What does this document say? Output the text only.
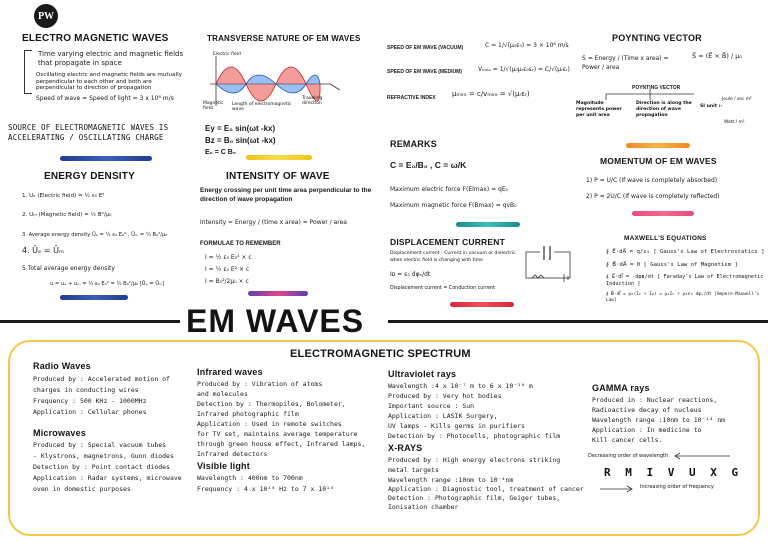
PW
ELECTRO MAGNETIC WAVES
Time varying electric and magnetic fields that propagate in space
Oscillating electric and magnetic fields are mutually perpendicular to each other and both are perpendicular to direction of propagation
Speed of wave = Speed of light = 3 x 10⁸ m/s
SOURCE OF ELECTROMAGNETIC WAVES IS ACCELERATING / OSCILLATING CHARGE
TRANSVERSE NATURE OF EM WAVES
Electric field
Magnetic field
Length of electromagnetic wave
Traveling direction
Ey = E₀ sin(ωt -kx)
Bz = B₀ sin(ωt -kx)
E₀ = C B₀
SPEED OF EM WAVE (VACUUM)	C = 1/√(μ₀ε₀) = 3 × 10⁸ m/s
SPEED OF EM WAVE (MEDIUM)	Vₘₑₔ = 1/√(μ₀μᵣε₀εᵣ) = C/√(μᵣεᵣ)
REFRACTIVE INDEX μₘₑₔ = c/vₘₑₔ = √(μᵣεᵣ)
POYNTING VECTOR
S = Energy / (Time x area) = Power / area
S⃗ = (E⃗ × B⃗) / μ₀
POYNTING VECTOR
Magnitude represents power per unit area
Direction is along the direction of wave propagation
SI unit :-
Joule / sec m²
Watt / m²
ENERGY DENSITY
1. Uₑ (Electric field) = ½ ε₀ E²
2. Uₘ (Magnetic field) = ½ B²/μ₀
3. Average energy density Ūₑ = ¼ ε₀ E₀² , Ūₘ = ¼ B₀²/μ₀
4. Ūₑ = Ūₘ
5 Total average energy density
u = uₑ + uₘ = ½ ε₀ E₀² = ½ B₀²/μ₀ [Ūₑ = Ūₘ]
INTENSITY OF WAVE
Energy crossing per unit time area perpendicular to the direction of wave propagation
Intensity = Energy / (time x area) = Power / area
FORMULAE TO REMEMBER
I = ½ ε₀ E₀² × c
I = ½ ε₀ E² × c
I = B₀²/2μ₀ × c
REMARKS
C = E₀/B₀ , C = ω/K
Maximum electric force F(Elmax) = qE₀
Maximum magnetic force F(Bmax) = qvB₀
DISPLACEMENT CURRENT
Displacement current - Current in vacuum or dielectric when electric field is changing with time
Iᴅ = ε₀ dφₑ/dt
Displacement current = Conduction current
MOMENTUM OF EM WAVES
1) P = U/C (If wave is completely absorbed)
2) P = 2U/C (If wave is completely reflected)
MAXWELL'S EQUATIONS
∮ E⃗·dA⃗ = q/ε₀ [ Gauss's Law of Electrostatics ]
∮ B⃗·dA⃗ = 0 [ Gauss's Law of Magnetism ]
∮ E⃗·dl⃗ = -dφʙ/dt [ Faraday's Law of Electromagnetic Induction ]
∮ B⃗·dl⃗ = μ₀(Iᴄ + Iᴅ) = μ₀Iᴄ + μ₀ε₀ dφₑ/dt [Ampere-Maxwell's Law]
EM WAVES
ELECTROMAGNETIC SPECTRUM
Radio Waves
Produced by : Accelerated motion of
charges in conducting wires
Frequency : 500 KHz - 1000MHz
Application : Cellular phones
Microwaves
Produced by : Special vacuum tubes
- Klystrons, magnetrons, Gunn diodes
Detection by : Point contact diodes
Application : Radar systems, microwave
oven in domestic purposes
Infrared waves
Produced by : Vibration of atoms
and molecules
Detection by : Thermopiles, Bolometer,
Infrared photographic film
Application : Used in remote switches
for TV set, maintains average temperature
through green house effect, Infrared lamps,
Infrared detectors
Visible light
Wavelength : 400nm to 700nm
Frequency : 4 x 10¹⁴ Hz to 7 x 10¹⁴
Ultraviolet rays
Wavelength :4 x 10⁻⁷ m to 6 x 10⁻¹⁰ m
Produced by : Very hot bodies
Important source : Sun
Application : LASIK Surgery,
UV lamps - Kills germs in purifiers
Detection by : Photocells, photographic film
X-RAYS
Produced by : High energy electrons striking
metal targets
Wavelength range :10nm to 10⁻⁴nm
Application : Diagnostic tool, treatment of cancer
Detection : Photographic film, Geiger tubes,
Ionisation chamber
GAMMA rays
Produced in : Nuclear reactions,
Radioactive decay of nucleus
Wavelength range :10nm to 10⁻¹⁴ nm
Application : In medicine to
Kill cancer cells.
Decreasing order of wavelength
R M I V U X G
Increasing order of frequency
